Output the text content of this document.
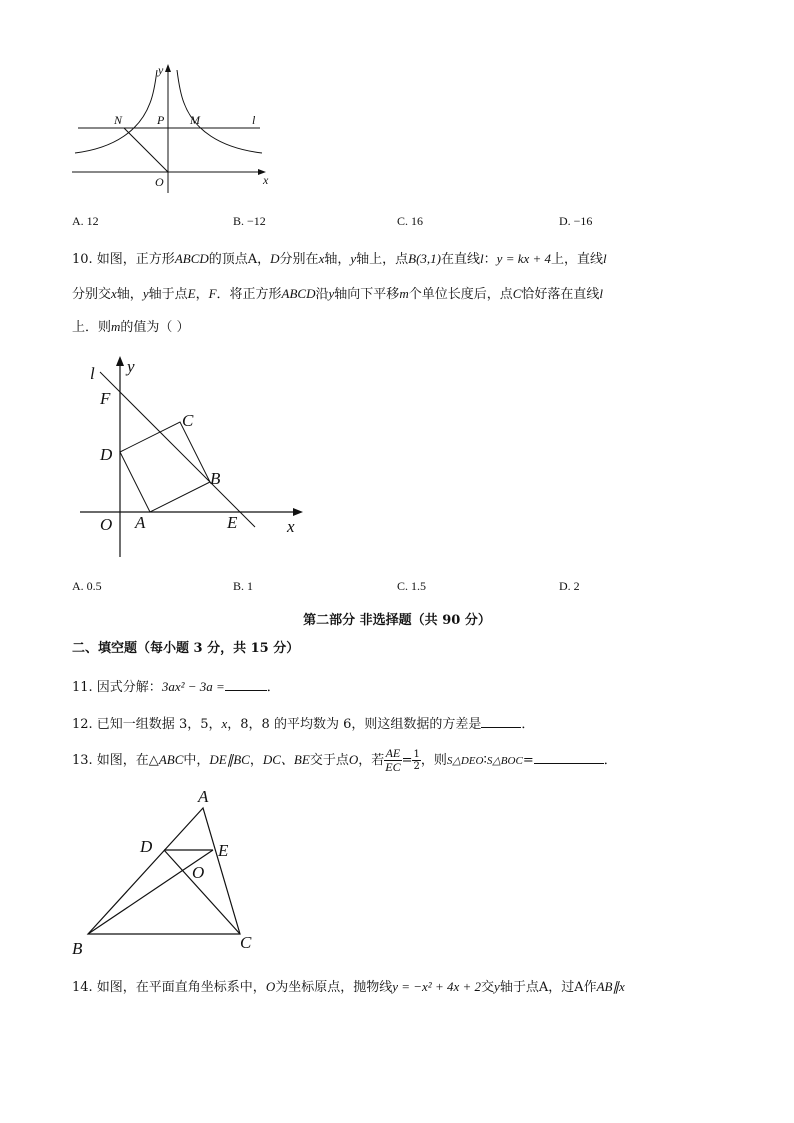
y
N	P M	l
O	x
A. 12	B. −12	C. 16	D. −16
10. 如图，正方形ABCD的顶点A，D分别在x轴，y轴上，点B(3,1)在直线l：y = kx + 4上，直线l
分别交x轴，y轴于点E，F．将正方形ABCD沿y轴向下平移m个单位长度后，点C恰好落在直线l
上．则m的值为（ ）
l y
F
C
D
B
O A	E	x
A. 0.5	B. 1	C. 1.5	D. 2
第二部分 非选择题（共 90 分）
二、填空题（每小题 3 分，共 15 分）
11. 因式分解：3ax² − 3a =	．
12. 已知一组数据 3，5，x，8，8 的平均数为 6，则这组数据的方差是	．
13. 如图，在△ABC中，DE∥BC，DC、BE交于点O，若 $\frac{AE}{EC} = \frac{1}{2}$ ，则S△DEO∶S△BOC=	．
A
D	E
O
B	C
14. 如图，在平面直角坐标系中，O为坐标原点，抛物线y = −x² + 4x + 2交y轴于点A，过A作AB∥x
